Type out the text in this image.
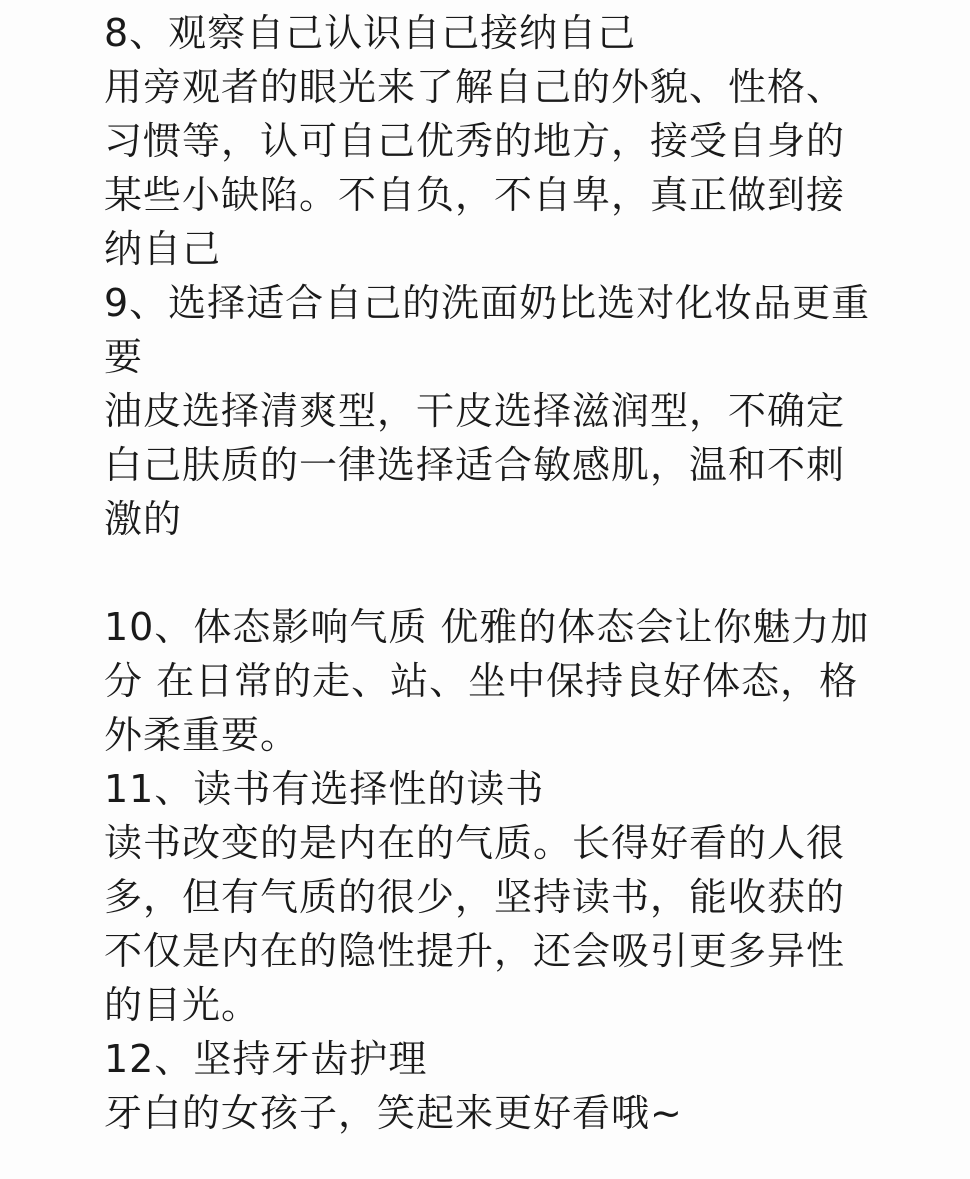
8、观察自己认识自己接纳自己
用旁观者的眼光来了解自己的外貌、性格、
习惯等，认可自己优秀的地方，接受自身的
某些小缺陷。不自负，不自卑，真正做到接
纳自己
9、选择适合自己的洗面奶比选对化妆品更重
要
油皮选择清爽型，干皮选择滋润型，不确定
白己肤质的一律选择适合敏感肌，温和不刺
激的
10、体态影响气质 优雅的体态会让你魅力加
分 在日常的走、站、坐中保持良好体态，格
外柔重要。
11、读书有选择性的读书
读书改变的是内在的气质。长得好看的人很
多，但有气质的很少，坚持读书，能收获的
不仅是内在的隐性提升，还会吸引更多异性
的目光。
12、坚持牙齿护理
牙白的女孩子，笑起来更好看哦~
